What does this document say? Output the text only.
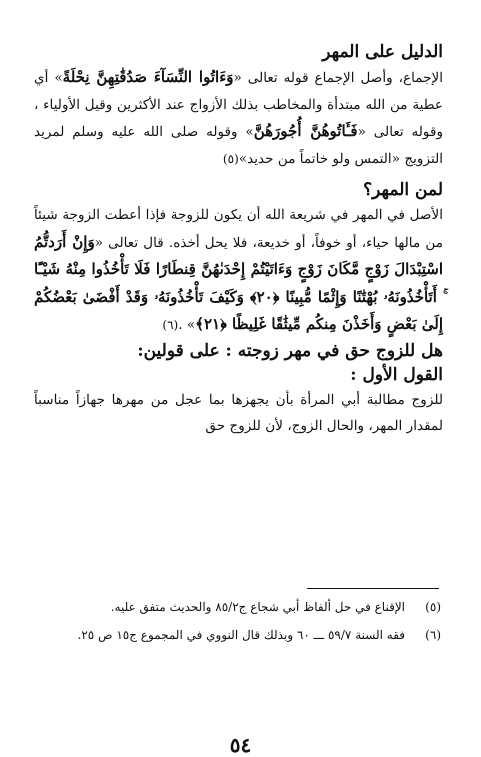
الدليل على المهر

الإجماع، وأصل الإجماع قوله تعالى «وَءَاتُوا النِّسَآءَ صَدُقَٰتِهِنَّ نِحْلَةً» أي عطية من الله مبتدأة والمخاطب بذلك الأزواج عند الأكثرين وقيل الأولياء ، وقوله تعالى «فَـَٔاتُوهُنَّ أُجُورَهُنَّ» وقوله صلى الله عليه وسلم لمريد التزويج «التمس ولو خاتماً من حديد»(٥)

لمن المهر؟

الأصل في المهر في شريعة الله أن يكون للزوجة فإذا أعطت الزوجة شيئاً من مالها حياء، أو خوفاً، أو خديعة، فلا يحل أخذه. قال تعالى «وَإِنْ أَرَدتُّمُ اسْتِبْدَالَ زَوْجٍ مَّكَانَ زَوْجٍ وَءَاتَيْتُمْ إِحْدَىٰهُنَّ قِنطَارًا فَلَا تَأْخُذُوا مِنْهُ شَيْـًٔا ۚ أَتَأْخُذُونَهُۥ بُهْتَٰنًا وَإِثْمًا مُّبِينًا ﴿٢٠﴾ وَكَيْفَ تَأْخُذُونَهُۥ وَقَدْ أَفْضَىٰ بَعْضُكُمْ إِلَىٰ بَعْضٍ وَأَخَذْنَ مِنكُم مِّيثَٰقًا غَلِيظًا ﴿٢١﴾» .(٦)

هل للزوج حق في مهر زوجته : على قولين:
القول الأول :

للزوج مطالبة أبي المرأة بأن يجهزها بما عجل من مهرها جهازاً مناسباً لمقدار المهر، والحال الزوج، لأن للزوج حق

(٥)
الإقناع في حل ألفاظ أبي شجاع ج٨٥/٢ والحديث متفق عليه.
(٦)
فقه السنة ٥٩/٧ ـــ ٦٠ وبذلك قال النووي في المجموع ج١٥ ص ٢٥.
٥٤
